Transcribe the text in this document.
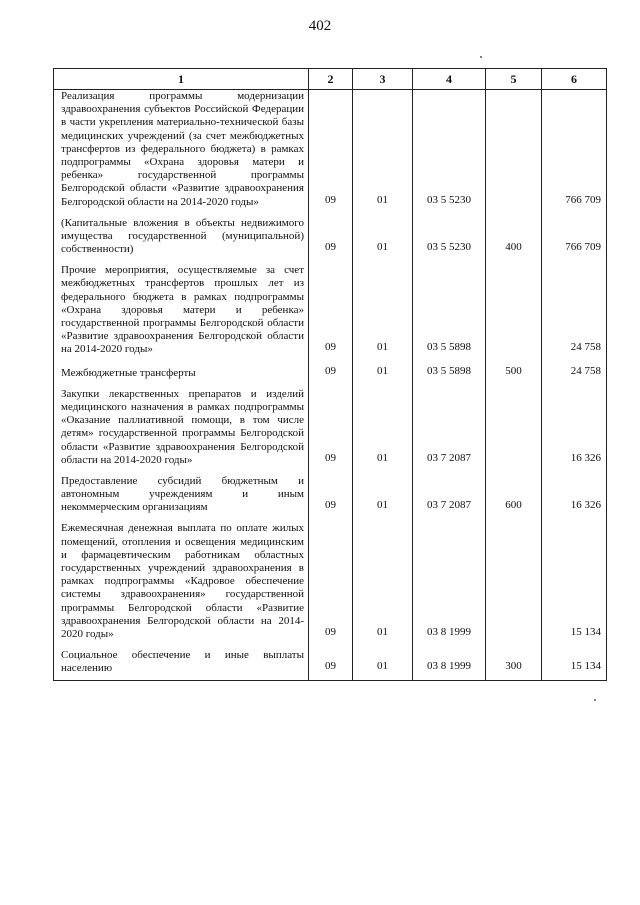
402
1	2	3	4	5	6
Реализация программы модернизации здравоохранения субъектов Российской Федерации в части укрепления материально-технической базы медицинских учреждений (за счет межбюджетных трансфертов из федерального бюджета) в рамках подпрограммы «Охрана здоровья матери и ребенка» государственной программы Белгородской области «Развитие здравоохранения Белгородской области на 2014-2020 годы»	09	01	03 5 5230		766 709

(Капитальные вложения в объекты недвижимого имущества государственной (муниципальной) собственности)	09	01	03 5 5230	400	766 709

Прочие мероприятия, осуществляемые за счет межбюджетных трансфертов прошлых лет из федерального бюджета в рамках подпрограммы «Охрана здоровья матери и ребенка» государственной программы Белгородской области «Развитие здравоохранения Белгородской области на 2014-2020 годы»	09	01	03 5 5898		24 758

Межбюджетные трансферты	09	01	03 5 5898	500	24 758

Закупки лекарственных препаратов и изделий медицинского назначения в рамках подпрограммы «Оказание паллиативной помощи, в том числе детям» государственной программы Белгородской области «Развитие здравоохранения Белгородской области на 2014-2020 годы»	09	01	03 7 2087		16 326

Предоставление субсидий бюджетным и автономным учреждениям и иным некоммерческим организациям	09	01	03 7 2087	600	16 326

Ежемесячная денежная выплата по оплате жилых помещений, отопления и освещения медицинским и фармацевтическим работникам областных государственных учреждений здравоохранения в рамках подпрограммы «Кадровое обеспечение системы здравоохранения» государственной программы Белгородской области «Развитие здравоохранения Белгородской области на 2014-2020 годы»	09	01	03 8 1999		15 134

Социальное обеспечение и иные выплаты населению	09	01	03 8 1999	300	15 134
